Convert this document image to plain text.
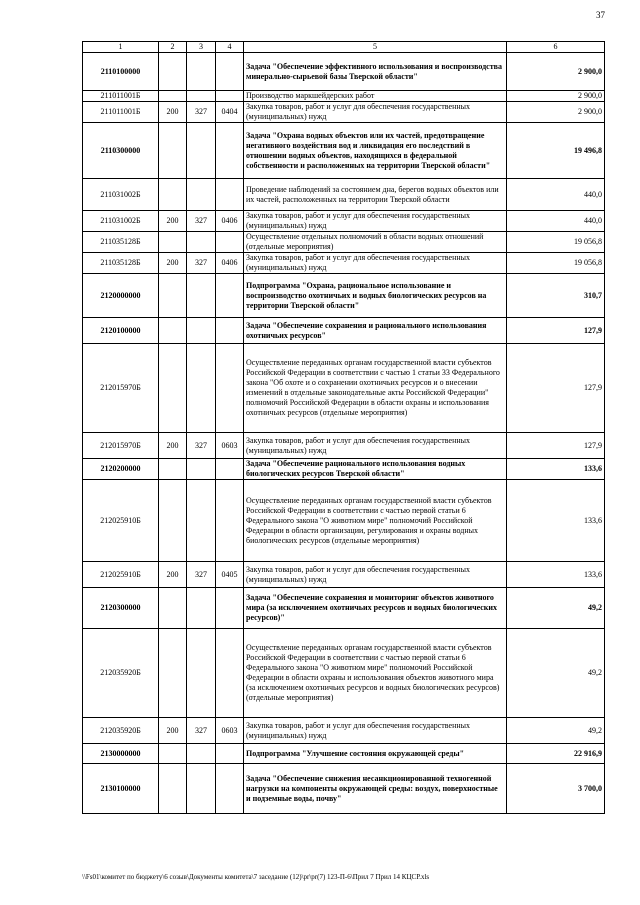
37
1	2	3	4	5	6
2110100000				Задача "Обеспечение эффективного использования и воспроизводства минерально-сырьевой базы Тверской области"	2 900,0
211011001Б				Производство маркшейдерских работ	2 900,0
211011001Б	200	327	0404	Закупка товаров, работ и услуг для обеспечения государственных (муниципальных) нужд	2 900,0
2110300000				Задача "Охрана водных объектов или их частей, предотвращение негативного воздействия вод и ликвидация его последствий в отношении водных объектов, находящихся в федеральной собственности и расположенных на территории Тверской области"	19 496,8
211031002Б				Проведение наблюдений за состоянием дна, берегов водных объектов или их частей, расположенных на территории Тверской области	440,0
211031002Б	200	327	0406	Закупка товаров, работ и услуг для обеспечения государственных (муниципальных) нужд	440,0
211035128Б				Осуществление отдельных полномочий в области водных отношений (отдельные мероприятия)	19 056,8
211035128Б	200	327	0406	Закупка товаров, работ и услуг для обеспечения государственных (муниципальных) нужд	19 056,8
2120000000				Подпрограмма "Охрана, рациональное использование и воспроизводство охотничьих и водных биологических ресурсов на территории Тверской области"	310,7
2120100000				Задача "Обеспечение сохранения и рационального использования охотничьих ресурсов"	127,9
212015970Б				Осуществление переданных органам государственной власти субъектов Российской Федерации в соответствии с частью 1 статьи 33 Федерального закона "Об охоте и о сохранении охотничьих ресурсов и о внесении изменений в отдельные законодательные акты Российской Федерации" полномочий Российской Федерации в области охраны и использования охотничьих ресурсов (отдельные мероприятия)	127,9
212015970Б	200	327	0603	Закупка товаров, работ и услуг для обеспечения государственных (муниципальных) нужд	127,9
2120200000				Задача "Обеспечение рационального использования водных биологических ресурсов Тверской области"	133,6
212025910Б				Осуществление переданных органам государственной власти субъектов Российской Федерации в соответствии с частью первой статьи 6 Федерального закона "О животном мире" полномочий Российской Федерации в области организации, регулирования и охраны водных биологических ресурсов (отдельные мероприятия)	133,6
212025910Б	200	327	0405	Закупка товаров, работ и услуг для обеспечения государственных (муниципальных) нужд	133,6
2120300000				Задача "Обеспечение сохранения и мониторинг объектов животного мира (за исключением охотничьих ресурсов и водных биологических ресурсов)"	49,2
212035920Б				Осуществление переданных органам государственной власти субъектов Российской Федерации в соответствии с частью первой статьи 6 Федерального закона "О животном мире" полномочий Российской Федерации в области охраны и использования объектов животного мира (за исключением охотничьих ресурсов и водных биологических ресурсов) (отдельные мероприятия)	49,2
212035920Б	200	327	0603	Закупка товаров, работ и услуг для обеспечения государственных (муниципальных) нужд	49,2
2130000000				Подпрограмма "Улучшение состояния окружающей среды"	22 916,9
2130100000				Задача "Обеспечение снижения несанкционированной техногенной нагрузки на компоненты окружающей среды: воздух, поверхностные и подземные воды, почву"	3 700,0
\\Fs01\комитет по бюджету\6 созыв\Документы комитета\7 заседание (12)\pr\pr(7) 123-П-6\Прил 7 Прил 14 КЦСР.xls
